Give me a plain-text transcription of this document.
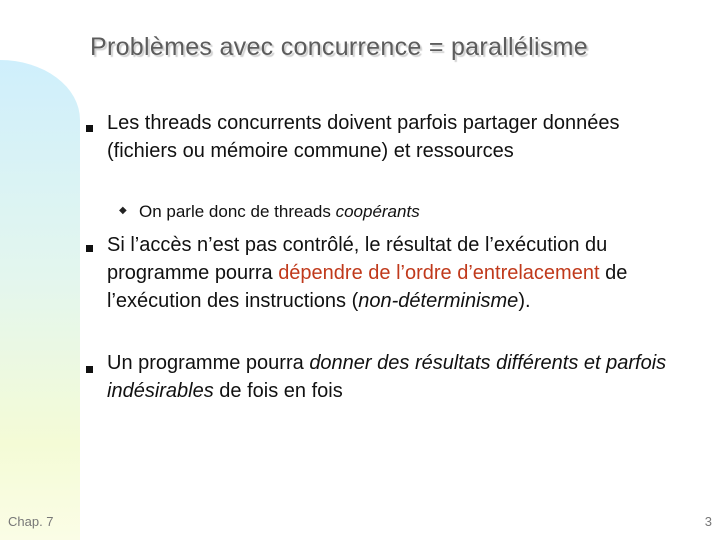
Problèmes avec concurrence = parallélisme
Les threads concurrents doivent parfois partager données (fichiers ou mémoire commune) et ressources
◆ On parle donc de threads coopérants
Si l’accès n’est pas contrôlé, le résultat de l’exécution du programme pourra dépendre de l’ordre d’entrelacement de l’exécution des instructions (non-déterminisme).
Un programme pourra donner des résultats différents et parfois indésirables de fois en fois
Chap. 7	3
